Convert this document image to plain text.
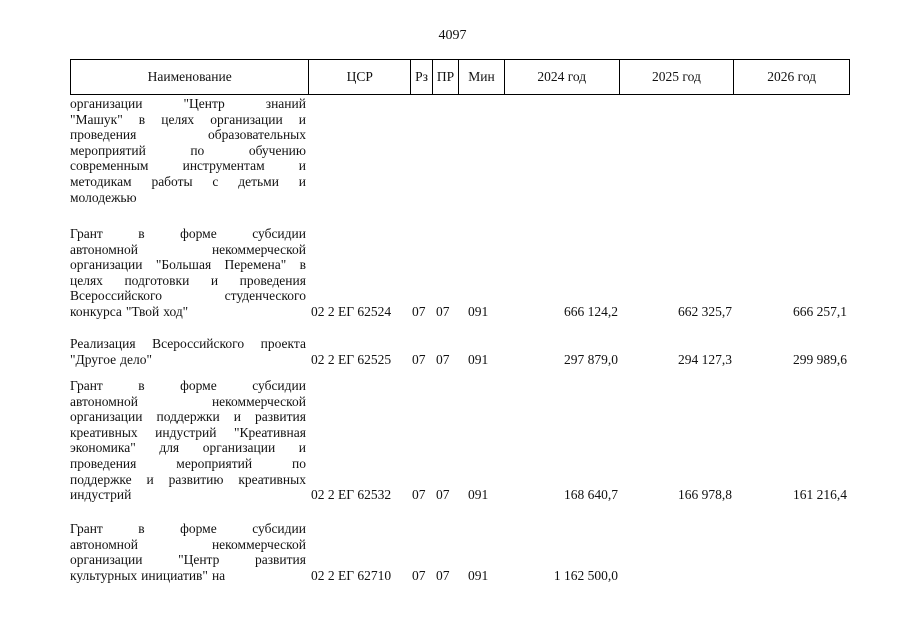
4097
Наименование	ЦСР	Рз ПР	Мин	2024 год	2025 год	2026 год
организации	"Центр	знаний
"Машук" в целях организации и
проведения	образовательных
мероприятий	по	обучению
современным	инструментам	и
методикам работы с детьми и
молодежью
Грант	в	форме	субсидии
автономной	некоммерческой
организации "Большая Перемена" в
целях подготовки и проведения
Всероссийского	студенческого
конкурса "Твой ход"	02 2 ЕГ 62524 07 07 091	666 124,2	662 325,7	666 257,1
Реализация Всероссийского проекта
"Другое дело"	02 2 ЕГ 62525 07 07 091	297 879,0	294 127,3	299 989,6
Грант	в	форме	субсидии
автономной	некоммерческой
организации поддержки и развития
креативных индустрий "Креативная
экономика" для организации и
проведения	мероприятий	по
поддержке и развитию креативных
индустрий	02 2 ЕГ 62532 07 07 091	168 640,7	166 978,8	161 216,4
Грант	в	форме	субсидии
автономной	некоммерческой
организации	"Центр	развития
культурных инициатив" на	02 2 ЕГ 62710 07 07 091	1 162 500,0
